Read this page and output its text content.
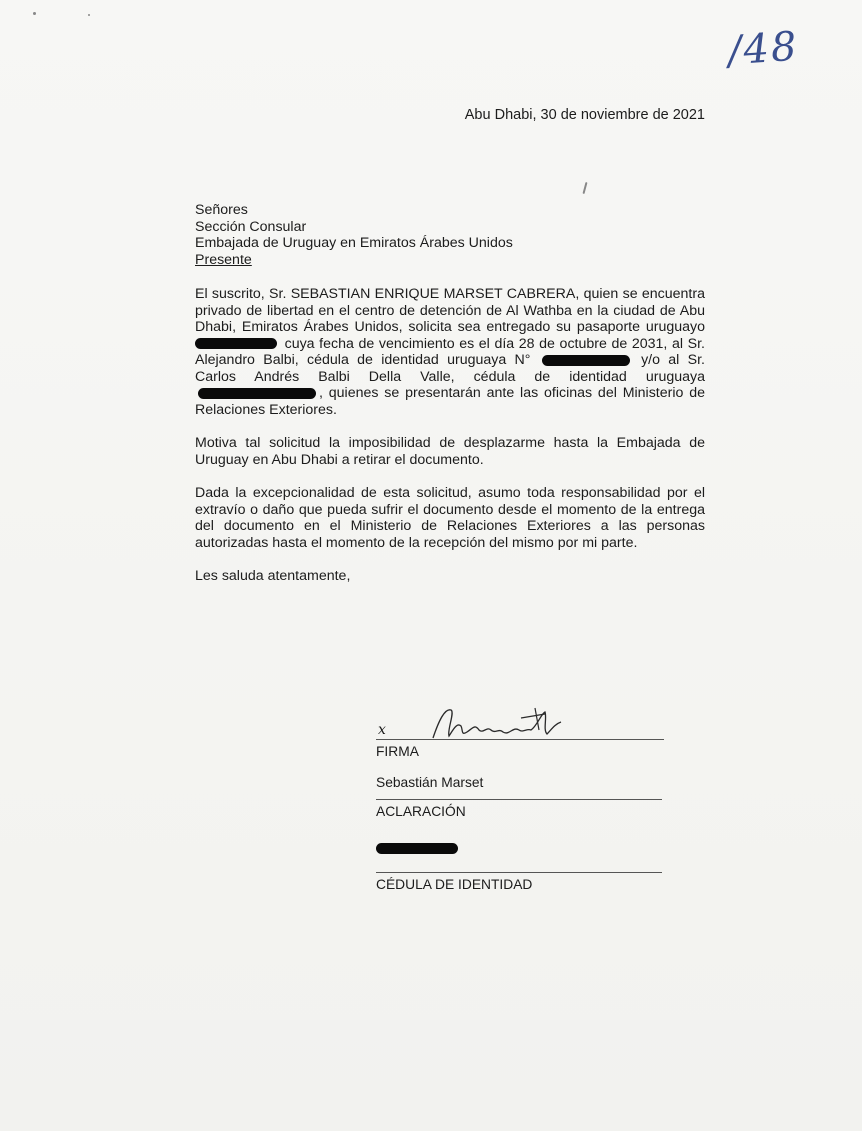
/48
Abu Dhabi, 30 de noviembre de 2021
Señores
Sección Consular
Embajada de Uruguay en Emiratos Árabes Unidos
Presente

El suscrito, Sr. SEBASTIAN ENRIQUE MARSET CABRERA, quien se encuentra privado de libertad en el centro de detención de Al Wathba en la ciudad de Abu Dhabi, Emiratos Árabes Unidos, solicita sea entregado su pasaporte uruguayo  cuya fecha de vencimiento es el día 28 de octubre de 2031, al Sr. Alejandro Balbi, cédula de identidad uruguaya N°	y/o al Sr. Carlos Andrés Balbi Della Valle, cédula de identidad uruguaya , quienes se presentarán ante las oficinas del Ministerio de Relaciones Exteriores.

Motiva tal solicitud la imposibilidad de desplazarme hasta la Embajada de Uruguay en Abu Dhabi a retirar el documento.

Dada la excepcionalidad de esta solicitud, asumo toda responsabilidad por el extravío o daño que pueda sufrir el documento desde el momento de la entrega del documento en el Ministerio de Relaciones Exteriores a las personas autorizadas hasta el momento de la recepción del mismo por mi parte.

Les saluda atentamente,

x
FIRMA
Sebastián Marset
ACLARACIÓN
CÉDULA DE IDENTIDAD
